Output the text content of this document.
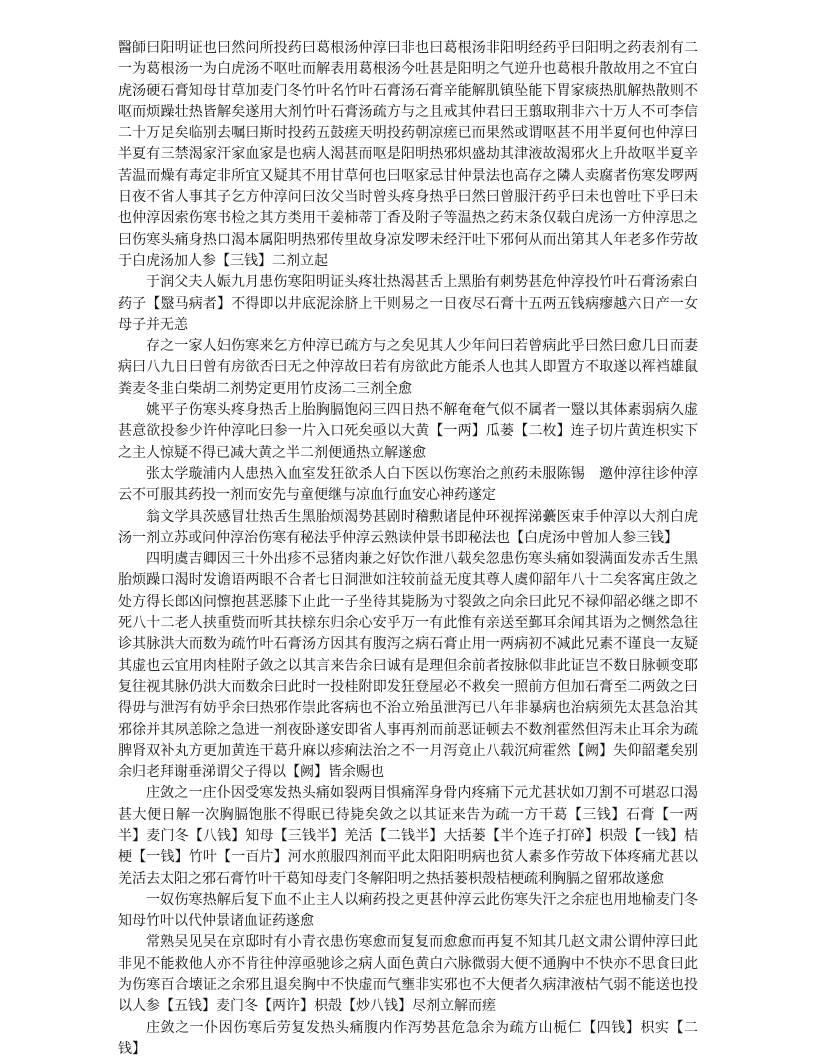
醫師曰阳明证也曰然问所投药曰葛根汤仲淳曰非也曰葛根汤非阳明经药乎曰阳明之药表剂有二一为葛根汤一为白虎汤不呕吐而解表用葛根汤今吐甚是阳明之气逆升也葛根升散故用之不宜白虎汤硬石膏知母甘草加麦门冬竹叶名竹叶石膏汤石膏辛能解肌镇坠能下胃家痰热肌解热散则不呕而烦躁壮热皆解矣遂用大剂竹叶石膏汤疏方与之且戒其仲君曰王翦取荆非六十万人不可李信二十万足矣临别去嘱曰斯时投药五鼓瘥天明投药朝凉瘥已而果然或谓呕甚不用半夏何也仲淳曰半夏有三禁渴家汗家血家是也病人渴甚而呕是阳明热邪炽盛劫其津液故渴邪火上升故呕半夏辛苦温而燥有毒定非所宜又疑其不用甘草何也曰呕家忌甘仲景法也高存之隣人卖腐者伤寒发啰两日夜不省人事其子乞方仲淳问曰汝父当时曾头疼身热乎曰然曰曾服汗药乎曰未也曾吐下乎曰未也仲淳因索伤寒书检之其方类用干姜柿蒂丁香及附子等温热之药末条仅载白虎汤一方仲淳思之曰伤寒头痛身热口渴本属阳明热邪传里故身凉发啰未经汗吐下邪何从而出第其人年老多作劳故于白虎汤加人参【三钱】二剂立起

于润父夫人娠九月患伤寒阳明证头疼壮热渴甚舌上黑胎有刺势甚危仲淳投竹叶石膏汤索白药子【毉马病者】不得即以井底泥涂脐上干则易之一日夜尽石膏十五两五钱病瘳越六日产一女母子并无恙

存之一家人妇伤寒来乞方仲淳已疏方与之矣见其人少年问曰若曾病此乎曰然曰愈几日而妻病曰八九日曰曾有房欲否曰无之仲淳故曰若有房欲此方能杀人也其人即置方不取遂以裈裆雄鼠粪麦冬韭白柴胡二剂势定更用竹皮汤二三剂全愈

姚平子伤寒头疼身热舌上胎胸膈饱闷三四日热不解奄奄气似不属者一毉以其体素弱病久虚甚意欲投参少许仲淳叱曰参一片入口死矣亟以大黄【一两】瓜蒌【二枚】连子切片黄连枳实下之主人惊疑不得已减大黄之半二剂便通热立解遂愈

张太学璇浦内人患热入血室发狂欲杀人白下医以伤寒治之煎药未服陈锡　邀仲淳往诊仲淳云不可服其药投一剂而安先与童便继与凉血行血安心神药遂定

翁文学具茨感冒壮热舌生黑胎烦渴势甚剧时稽勲诸昆仲环视挥涕虆医束手仲淳以大剂白虎汤一剂立苏或问仲淳治伤寒有秘法乎仲淳云熟读仲景书即秘法也【白虎汤中曾加人参三钱】

四明虞吉卿因三十外出疹不忌猪肉兼之好饮作泄八载矣忽患伤寒头痛如裂满面发赤舌生黑胎烦躁口渴时发谵语两眼不合者七日洞泄如注较前益无度其尊人虞仰韶年八十二矣客寓庄敛之处方得长郎凶问懔抱甚恶膝下止此一子坐待其毙肠为寸裂敛之向余曰此兄不禄仰韶必继之即不死八十二老人挟重赀而听其扶榇东归余心安乎万一有此惟有亲送至鄞耳余闻其语为之恻然急往诊其脉洪大而数为疏竹叶石膏汤方因其有腹泻之病石膏止用一两病初不减此兄素不谨良一友疑其虚也云宜用肉桂附子敛之以其言来告余曰诚有是理但余前者按脉似非此证岂不数日脉顿变耶复往视其脉仍洪大而数余曰此时一投桂附即发狂登屋必不救矣一照前方但加石膏至二两敛之曰得毋与泄泻有妨乎余曰热邪作崇此客病也不治立殆虽泄泻已八年非暴病也治病须先太甚急治其邪徐并其夙恙除之急进一剂夜卧遂安即省人事再剂而前恶证顿去不数剂霍然但泻未止耳余为疏脾肾双补丸方更加黄连干葛升麻以疹痢法治之不一月泻竟止八载沉疴霍然【阙】失仰韶耄矣别余归老拜谢垂涕谓父子得以【阙】皆余赐也

庄敛之一庄仆因受寒发热头痛如裂两目惧痛浑身骨内疼痛下元尤甚状如刀割不可堪忍口渴甚大便日解一次胸膈饱胀不得眠已待毙矣敛之以其证来告为疏一方干葛【三钱】石膏【一两半】麦门冬【八钱】知母【三钱半】羌活【二钱半】大括蒌【半个连子打碎】枳殻【一钱】桔梗【一钱】竹叶【一百片】河水煎服四剂而平此太阳阳明病也贫人素多作劳故下体疼痛尤甚以羌活去太阳之邪石膏竹叶干葛知母麦门冬解阳明之热括蒌枳殻桔梗疏利胸膈之留邪故遂愈

一奴伤寒热解后复下血不止主人以痢药投之更甚仲淳云此伤寒失汗之余症也用地榆麦门冬知母竹叶以代仲景诸血证药遂愈

常熟吴见吴在京邸时有小青衣患伤寒愈而复复而愈愈而再复不知其几赵文肃公谓仲淳曰此非见不能救他人亦不肯往仲淳亟驰诊之病人面色黄白六脉微弱大便不通胸中不快亦不思食曰此为伤寒百合壊证之余邪且退矣胸中不快虚而气壅非实邪也不大便者久病津液枯气弱不能送也投以人参【五钱】麦门冬【两许】枳殻【炒八钱】尽剂立解而瘥

庄敛之一仆因伤寒后劳复发热头痛腹内作泻势甚危急余为疏方山栀仁【四钱】枳实【二钱】
